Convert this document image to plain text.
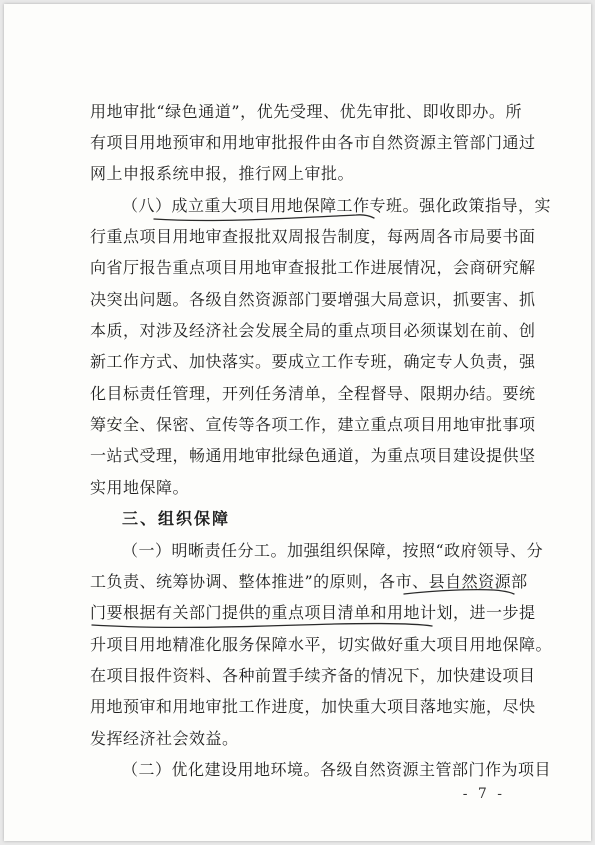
用地审批“绿色通道”，优先受理、优先审批、即收即办。所
有项目用地预审和用地审批报件由各市自然资源主管部门通过
网上申报系统申报，推行网上审批。
（八）成立重大项目用地保障工作专班。强化政策指导，实
行重点项目用地审查报批双周报告制度，每两周各市局要书面
向省厅报告重点项目用地审查报批工作进展情况，会商研究解
决突出问题。各级自然资源部门要增强大局意识，抓要害、抓
本质，对涉及经济社会发展全局的重点项目必须谋划在前、创
新工作方式、加快落实。要成立工作专班，确定专人负责，强
化目标责任管理，开列任务清单，全程督导、限期办结。要统
筹安全、保密、宣传等各项工作，建立重点项目用地审批事项
一站式受理，畅通用地审批绿色通道，为重点项目建设提供坚
实用地保障。
三、组织保障
（一）明晰责任分工。加强组织保障，按照“政府领导、分
工负责、统筹协调、整体推进”的原则，各市、县自然资源部
门要根据有关部门提供的重点项目清单和用地计划，进一步提
升项目用地精准化服务保障水平，切实做好重大项目用地保障。
在项目报件资料、各种前置手续齐备的情况下，加快建设项目
用地预审和用地审批工作进度，加快重大项目落地实施，尽快
发挥经济社会效益。
（二）优化建设用地环境。各级自然资源主管部门作为项目
- 7 -
